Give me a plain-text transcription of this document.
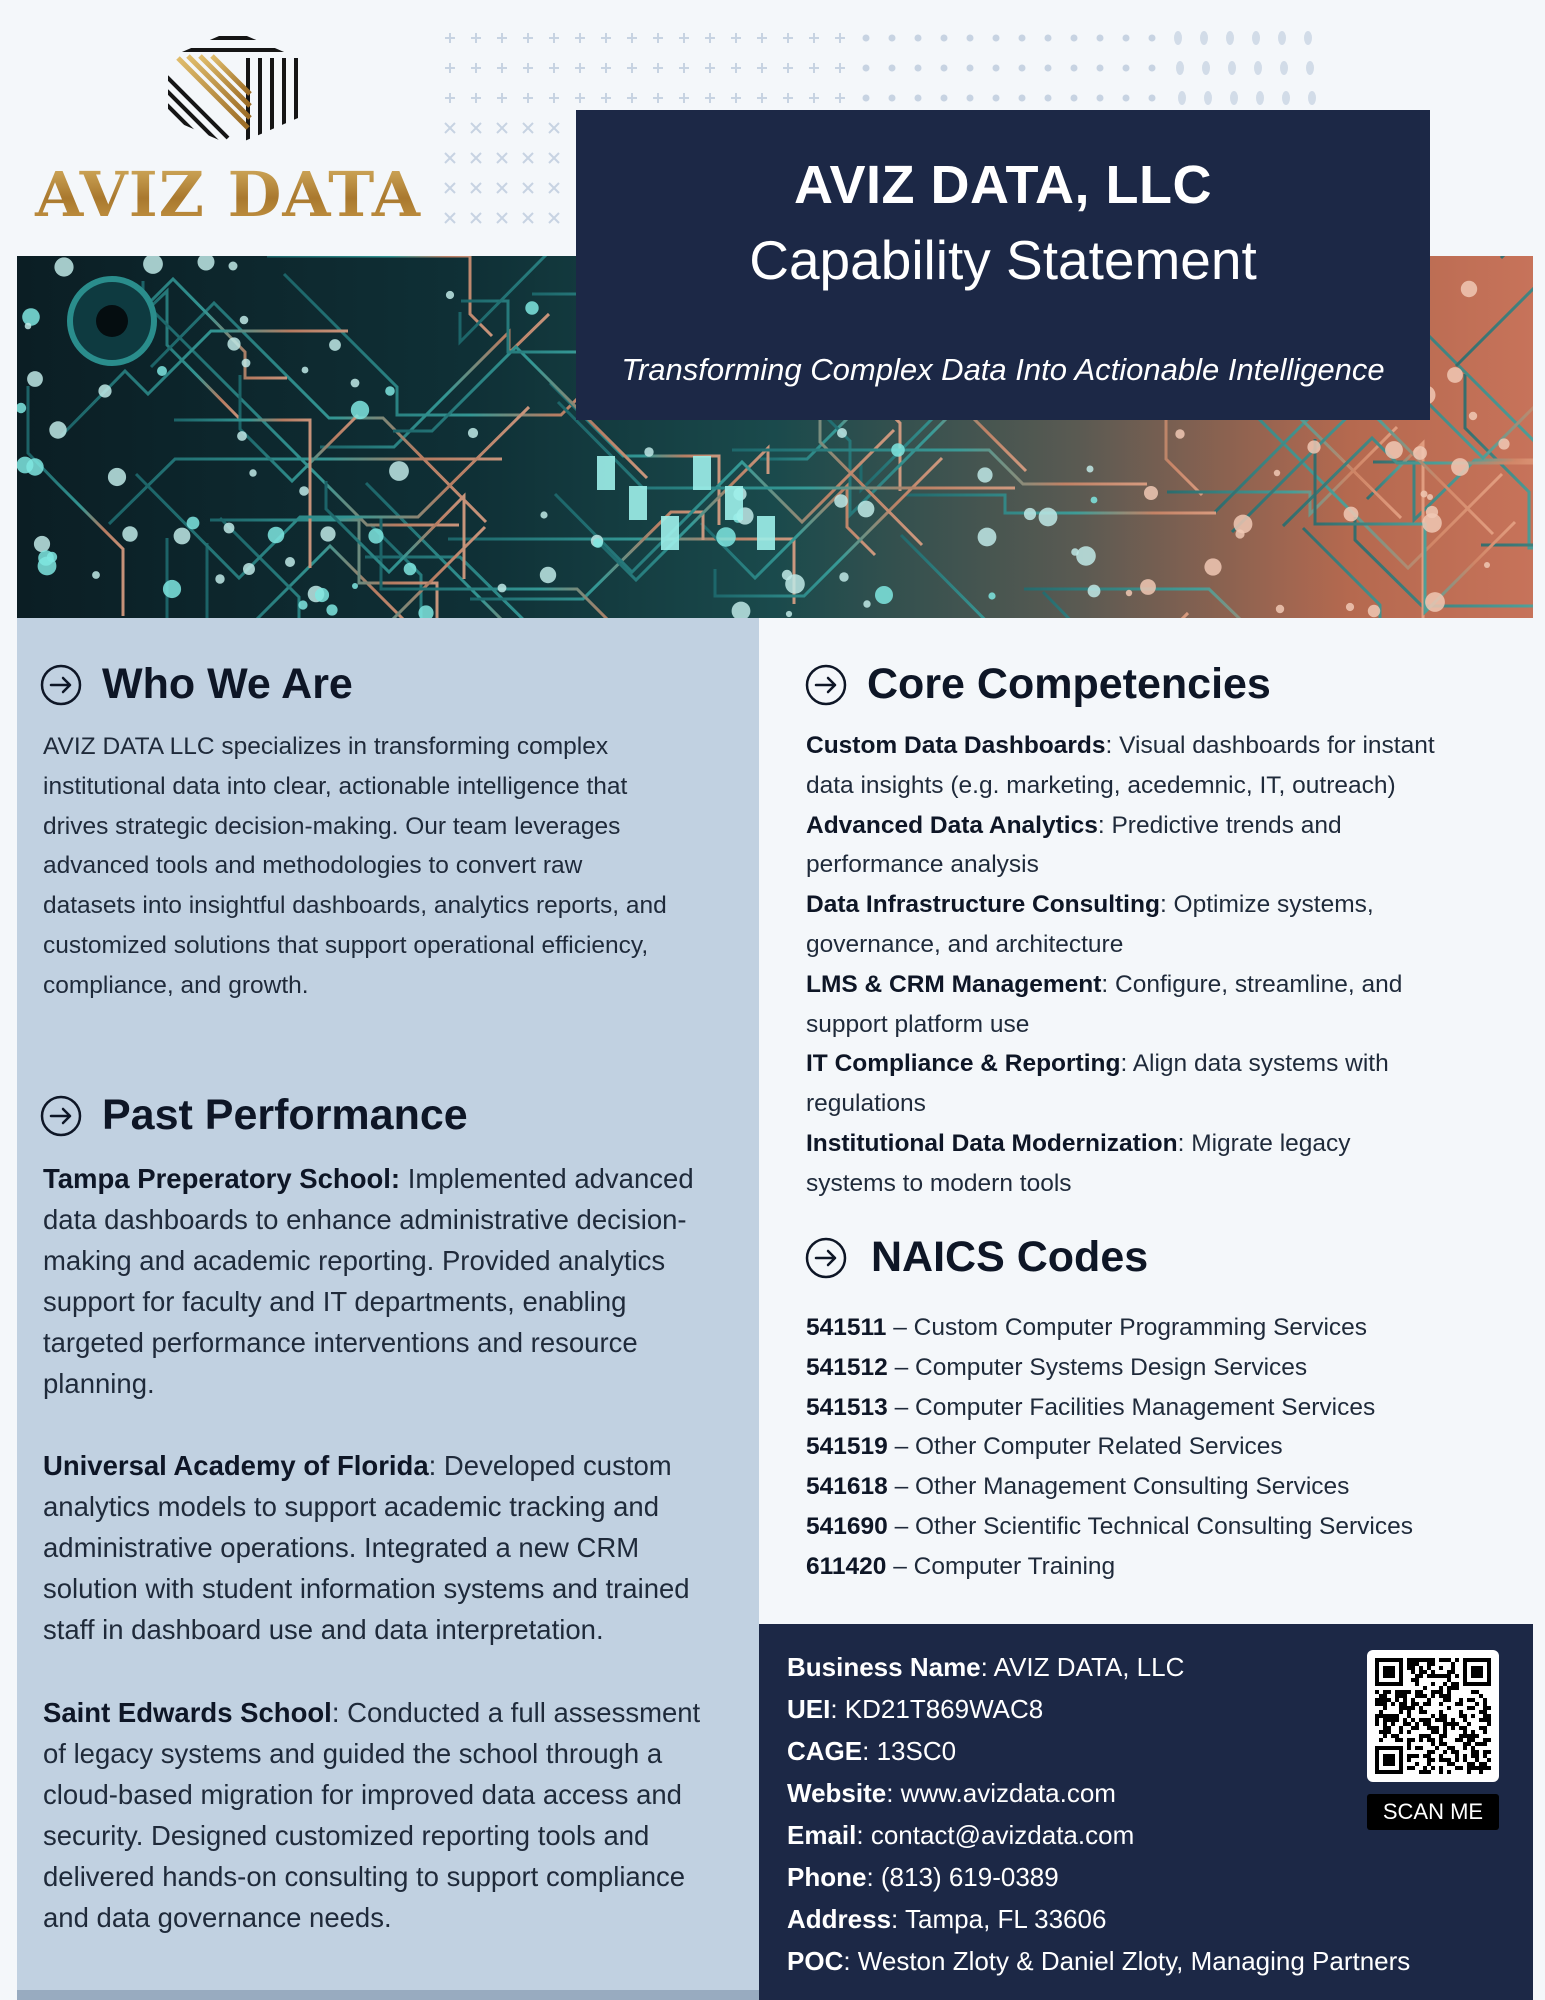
AVIZ DATA	AVIZ DATA, LLC
Capability Statement
Transforming Complex Data Into Actionable Intelligence
Who We Are
AVIZ DATA LLC specializes in transforming complex
institutional data into clear, actionable intelligence that
drives strategic decision-making. Our team leverages
advanced tools and methodologies to convert raw
datasets into insightful dashboards, analytics reports, and
customized solutions that support operational efficiency,
compliance, and growth.
Past Performance
Tampa Preperatory School: Implemented advanced
data dashboards to enhance administrative decision-
making and academic reporting. Provided analytics
support for faculty and IT departments, enabling
targeted performance interventions and resource
planning.
Universal Academy of Florida: Developed custom
analytics models to support academic tracking and
administrative operations. Integrated a new CRM
solution with student information systems and trained
staff in dashboard use and data interpretation.
Saint Edwards School: Conducted a full assessment
of legacy systems and guided the school through a
cloud-based migration for improved data access and
security. Designed customized reporting tools and
delivered hands-on consulting to support compliance
and data governance needs.
Core Competencies
Custom Data Dashboards: Visual dashboards for instant
data insights (e.g. marketing, acedemnic, IT, outreach)
Advanced Data Analytics: Predictive trends and
performance analysis
Data Infrastructure Consulting: Optimize systems,
governance, and architecture
LMS & CRM Management: Configure, streamline, and
support platform use
IT Compliance & Reporting: Align data systems with
regulations
Institutional Data Modernization: Migrate legacy
systems to modern tools
NAICS Codes
541511 – Custom Computer Programming Services
541512 – Computer Systems Design Services
541513 – Computer Facilities Management Services
541519 – Other Computer Related Services
541618 – Other Management Consulting Services
541690 – Other Scientific Technical Consulting Services
611420 – Computer Training
Business Name: AVIZ DATA, LLC
UEI: KD21T869WAC8
CAGE: 13SC0
Website: www.avizdata.com
Email: contact@avizdata.com
Phone: (813) 619-0389
Address: Tampa, FL 33606
POC: Weston Zloty & Daniel Zloty, Managing Partners
SCAN ME
